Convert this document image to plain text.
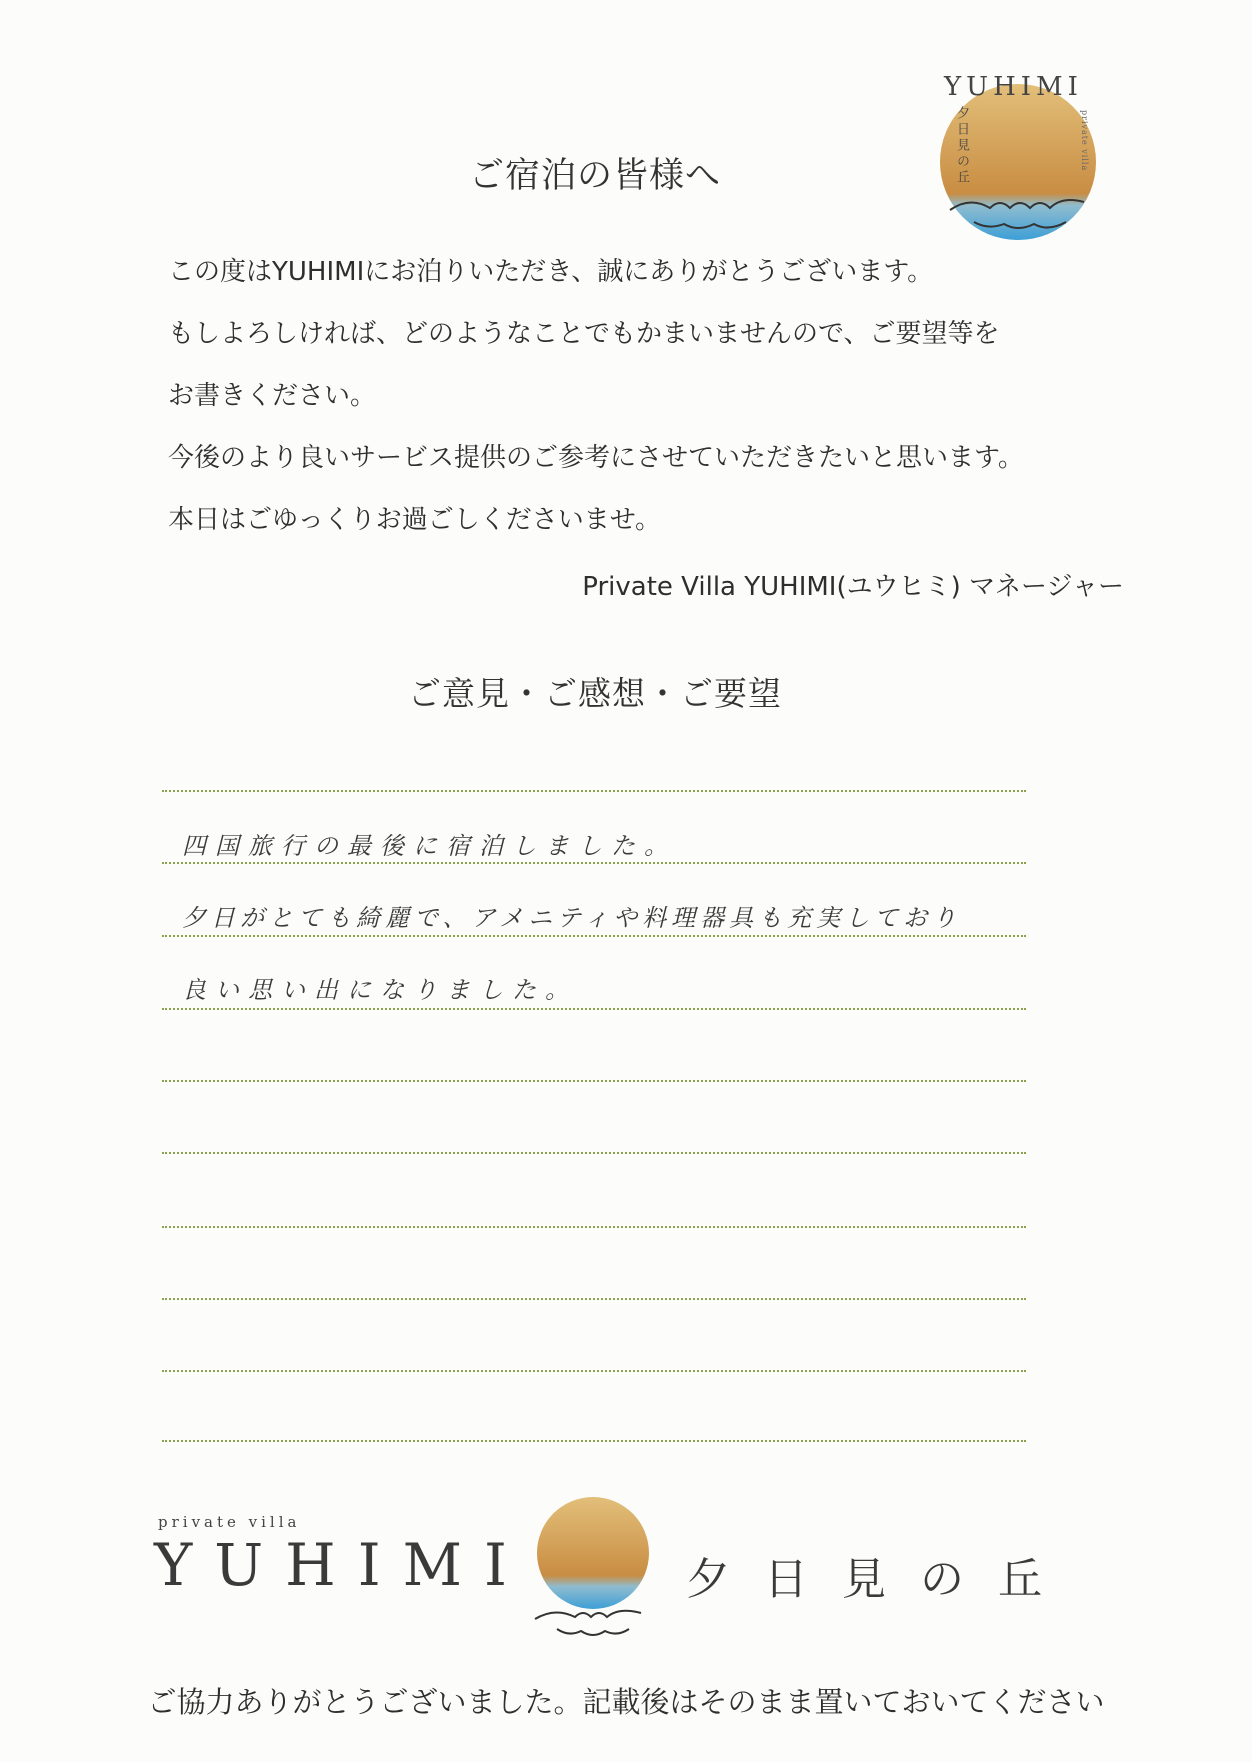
YUHIMI
夕日見の丘	private villa
ご宿泊の皆様へ

この度はYUHIMIにお泊りいただき、誠にありがとうございます。

もしよろしければ、どのようなことでもかまいませんので、ご要望等を

お書きください。

今後のより良いサービス提供のご参考にさせていただきたいと思います。

本日はごゆっくりお過ごしくださいませ。

Private Villa YUHIMI(ユウヒミ) マネージャー
ご意見・ご感想・ご要望
四国旅行の最後に宿泊しました。
夕日がとても綺麗で、アメニティや料理器具も充実しており
良い思い出になりました。
private villa
YUHIMI	夕日見の丘
ご協力ありがとうございました。記載後はそのまま置いておいてください
